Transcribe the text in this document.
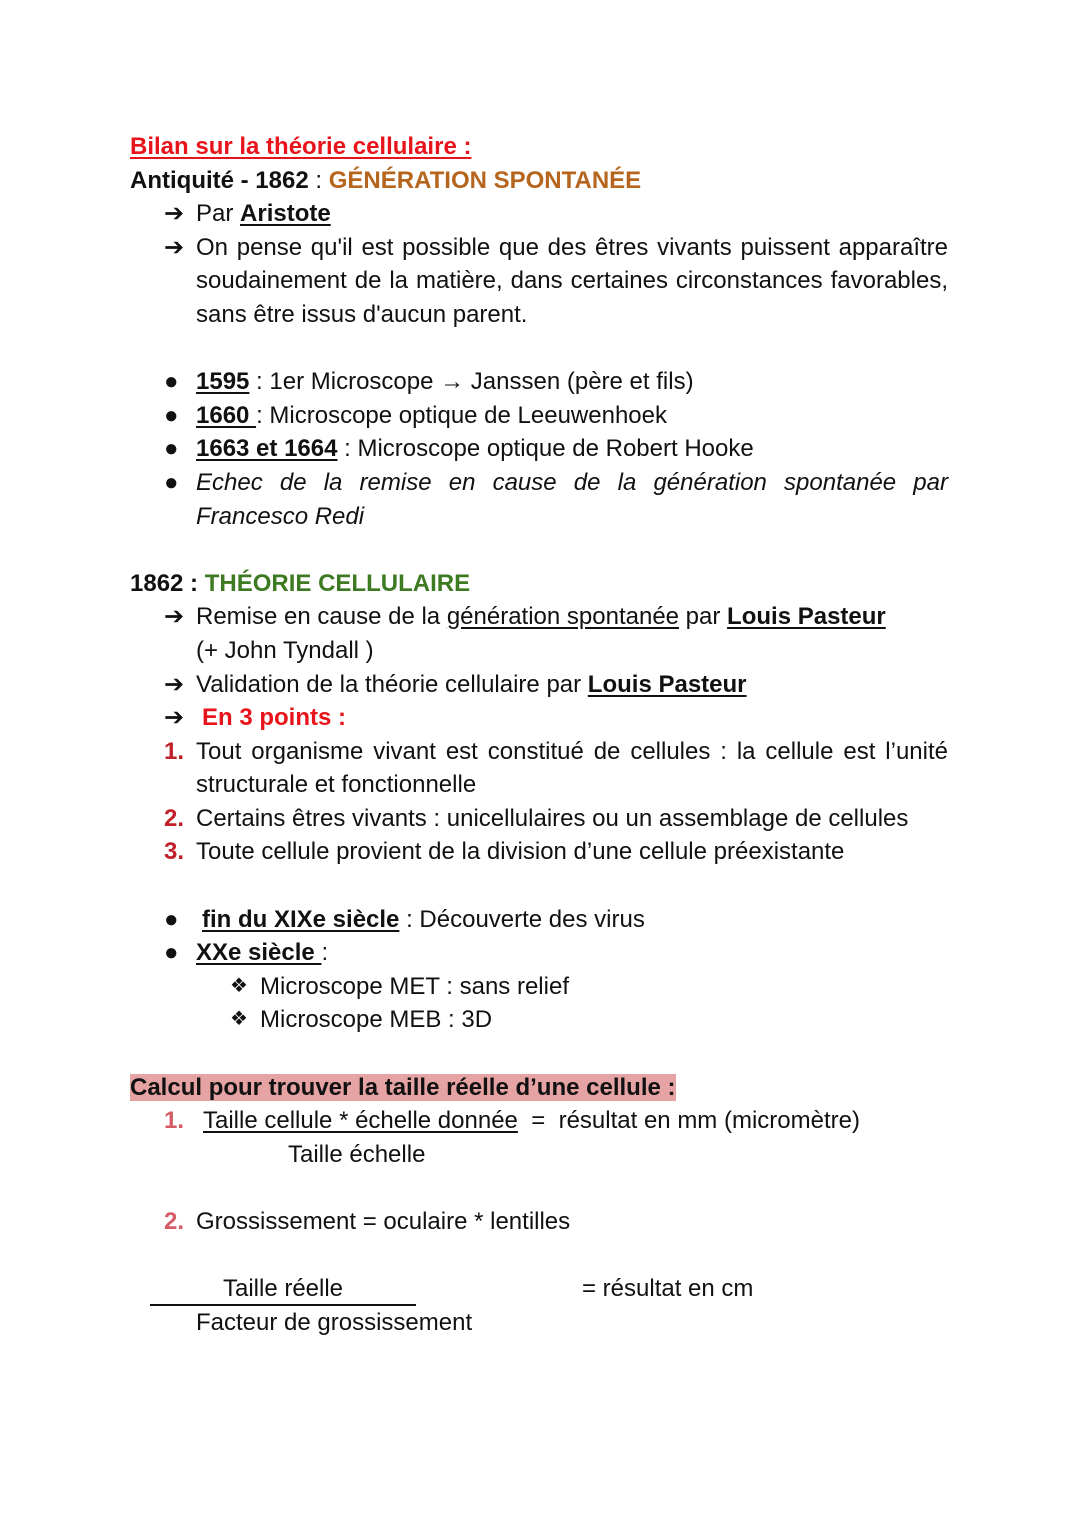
Bilan sur la théorie cellulaire :
Antiquité - 1862 : GÉNÉRATION SPONTANÉE
➔ Par Aristote
➔ On pense qu'il est possible que des êtres vivants puissent apparaître soudainement de la matière, dans certaines circonstances favorables, sans être issus d'aucun parent.
● 1595 : 1er Microscope → Janssen (père et fils)
● 1660 : Microscope optique de Leeuwenhoek
● 1663 et 1664 : Microscope optique de Robert Hooke
● Echec de la remise en cause de la génération spontanée par Francesco Redi
1862 : THÉORIE CELLULAIRE
➔ Remise en cause de la génération spontanée par Louis Pasteur
(+ John Tyndall )
➔ Validation de la théorie cellulaire par Louis Pasteur
➔ En 3 points :
1. Tout organisme vivant est constitué de cellules : la cellule est l’unité structurale et fonctionnelle
2. Certains êtres vivants : unicellulaires ou un assemblage de cellules
3. Toute cellule provient de la division d’une cellule préexistante
● fin du XIXe siècle : Découverte des virus
● XXe siècle :
❖ Microscope MET : sans relief
❖ Microscope MEB : 3D
Calcul pour trouver la taille réelle d’une cellule :
1. Taille cellule * échelle donnée  =  résultat en mm (micromètre)
Taille échelle
2. Grossissement = oculaire * lentilles
Taille réelle	= résultat en cm
Facteur de grossissement
